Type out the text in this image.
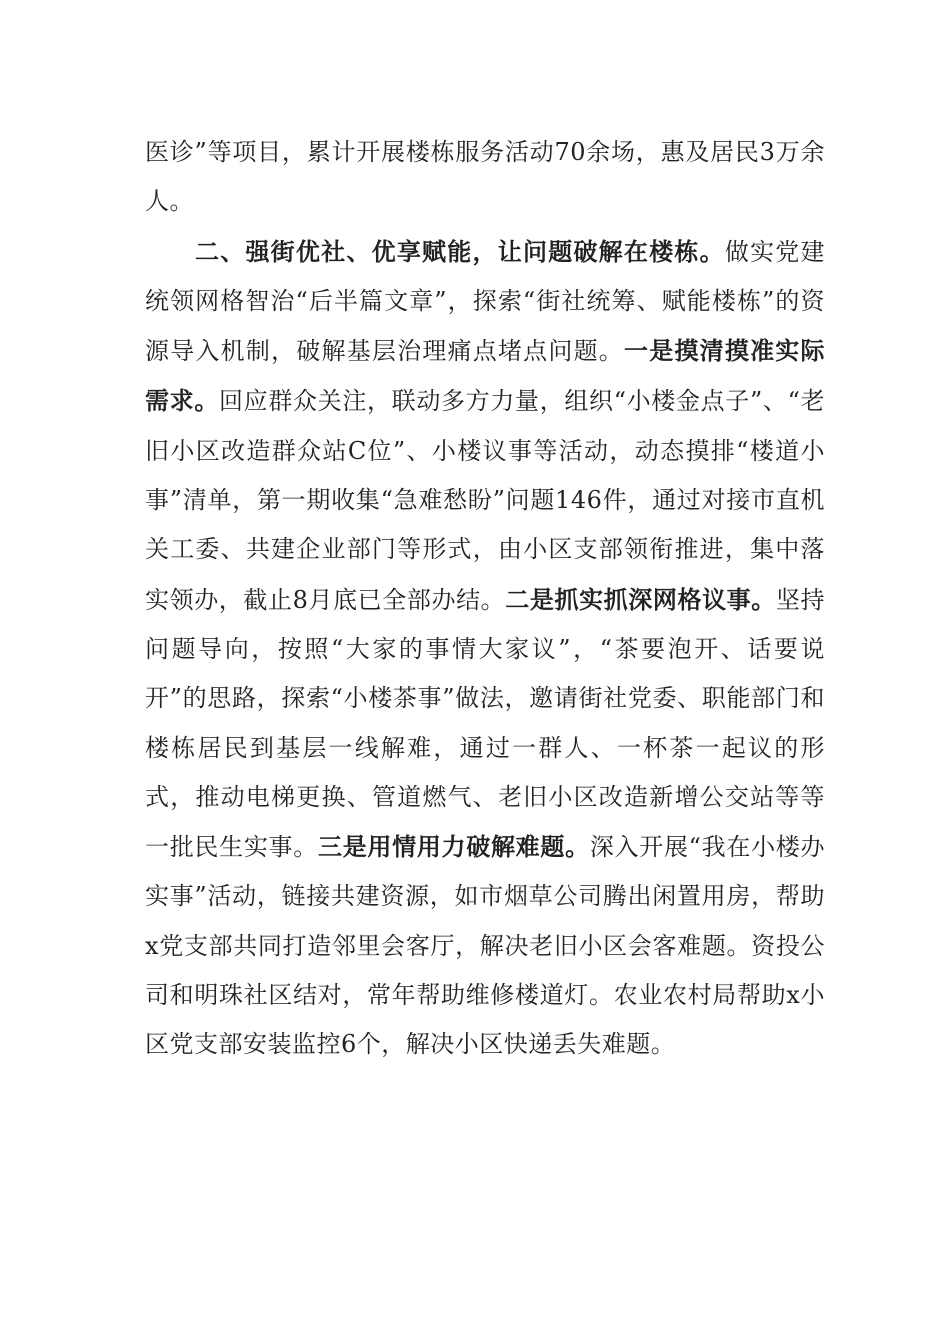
医诊”等项目，累计开展楼栋服务活动70余场，惠及居民3万余人。

二、强街优社、优享赋能，让问题破解在楼栋。做实党建统领网格智治“后半篇文章”，探索“街社统筹、赋能楼栋”的资源导入机制，破解基层治理痛点堵点问题。一是摸清摸准实际需求。回应群众关注，联动多方力量，组织“小楼金点子”、“老旧小区改造群众站C位”、小楼议事等活动，动态摸排“楼道小事”清单，第一期收集“急难愁盼”问题146件，通过对接市直机关工委、共建企业部门等形式，由小区支部领衔推进，集中落实领办，截止8月底已全部办结。二是抓实抓深网格议事。坚持问题导向，按照“大家的事情大家议”，“茶要泡开、话要说开”的思路，探索“小楼茶事”做法，邀请街社党委、职能部门和楼栋居民到基层一线解难，通过一群人、一杯茶一起议的形式，推动电梯更换、管道燃气、老旧小区改造新增公交站等等一批民生实事。三是用情用力破解难题。深入开展“我在小楼办实事”活动，链接共建资源，如市烟草公司腾出闲置用房，帮助x党支部共同打造邻里会客厅，解决老旧小区会客难题。资投公司和明珠社区结对，常年帮助维修楼道灯。农业农村局帮助x小区党支部安装监控6个，解决小区快递丢失难题。
